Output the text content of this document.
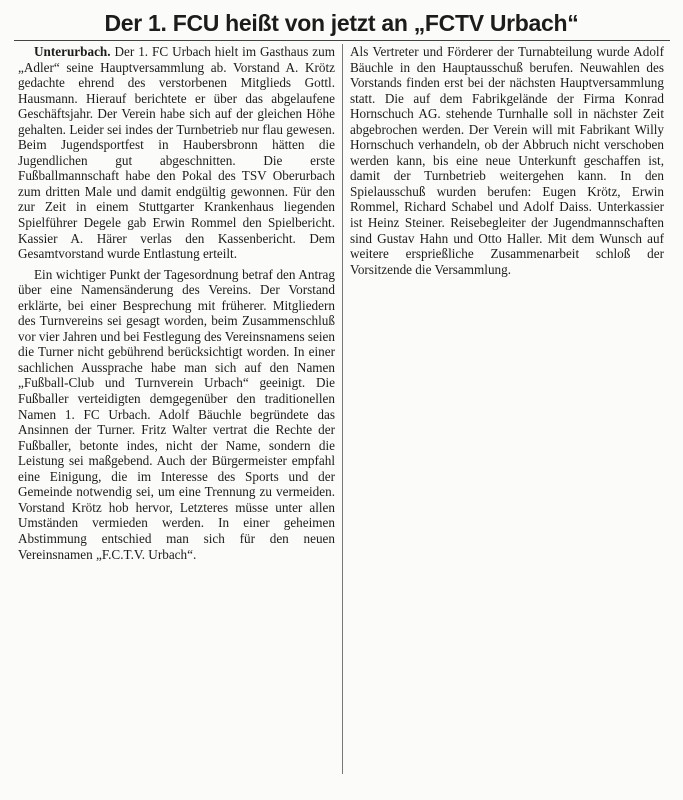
Der 1. FCU heißt von jetzt an „FCTV Urbach“

Unterurbach. Der 1. FC Urbach hielt im Gasthaus zum „Adler“ seine Hauptversammlung ab. Vorstand A. Krötz gedachte ehrend des verstorbenen Mitglieds Gottl. Hausmann. Hierauf berichtete er über das abgelaufene Geschäftsjahr. Der Verein habe sich auf der gleichen Höhe gehalten. Leider sei indes der Turnbetrieb nur flau gewesen. Beim Jugendsportfest in Haubersbronn hätten die Jugendlichen gut abgeschnitten. Die erste Fußballmannschaft habe den Pokal des TSV Oberurbach zum dritten Male und damit endgültig gewonnen. Für den zur Zeit in einem Stuttgarter Krankenhaus liegenden Spielführer Degele gab Erwin Rommel den Spielbericht. Kassier A. Härer verlas den Kassenbericht. Dem Gesamtvorstand wurde Entlastung erteilt.

Ein wichtiger Punkt der Tagesordnung betraf den Antrag über eine Namensänderung des Vereins. Der Vorstand erklärte, bei einer Besprechung mit früherer. Mitgliedern des Turnvereins sei gesagt worden, beim Zusammenschluß vor vier Jahren und bei Festlegung des Vereinsnamens seien die Turner nicht gebührend berücksichtigt worden. In einer sachlichen Aussprache habe man sich auf den Namen „Fußball-Club und Turnverein Urbach“ geeinigt. Die Fußballer verteidigten demgegenüber den traditionellen Namen 1. FC Urbach. Adolf Bäuchle begründete das Ansinnen der Turner. Fritz Walter vertrat die Rechte der Fußballer, betonte indes, nicht der Name, sondern die Leistung sei maßgebend. Auch der Bürgermeister empfahl eine Einigung, die im Interesse des Sports und der Gemeinde notwendig sei, um eine Trennung zu vermeiden. Vorstand Krötz hob hervor, Letzteres müsse unter allen Umständen vermieden werden. In einer geheimen Abstimmung entschied man sich für den neuen Vereinsnamen „F.C.T.V. Urbach“.

Als Vertreter und Förderer der Turnabteilung wurde Adolf Bäuchle in den Hauptausschuß berufen. Neuwahlen des Vorstands finden erst bei der nächsten Hauptversammlung statt. Die auf dem Fabrikgelände der Firma Konrad Hornschuch AG. stehende Turnhalle soll in nächster Zeit abgebrochen werden. Der Verein will mit Fabrikant Willy Hornschuch verhandeln, ob der Abbruch nicht verschoben werden kann, bis eine neue Unterkunft geschaffen ist, damit der Turnbetrieb weitergehen kann. In den Spielausschuß wurden berufen: Eugen Krötz, Erwin Rommel, Richard Schabel und Adolf Daiss. Unterkassier ist Heinz Steiner. Reisebegleiter der Jugendmannschaften sind Gustav Hahn und Otto Haller. Mit dem Wunsch auf weitere ersprießliche Zusammenarbeit schloß der Vorsitzende die Versammlung.
